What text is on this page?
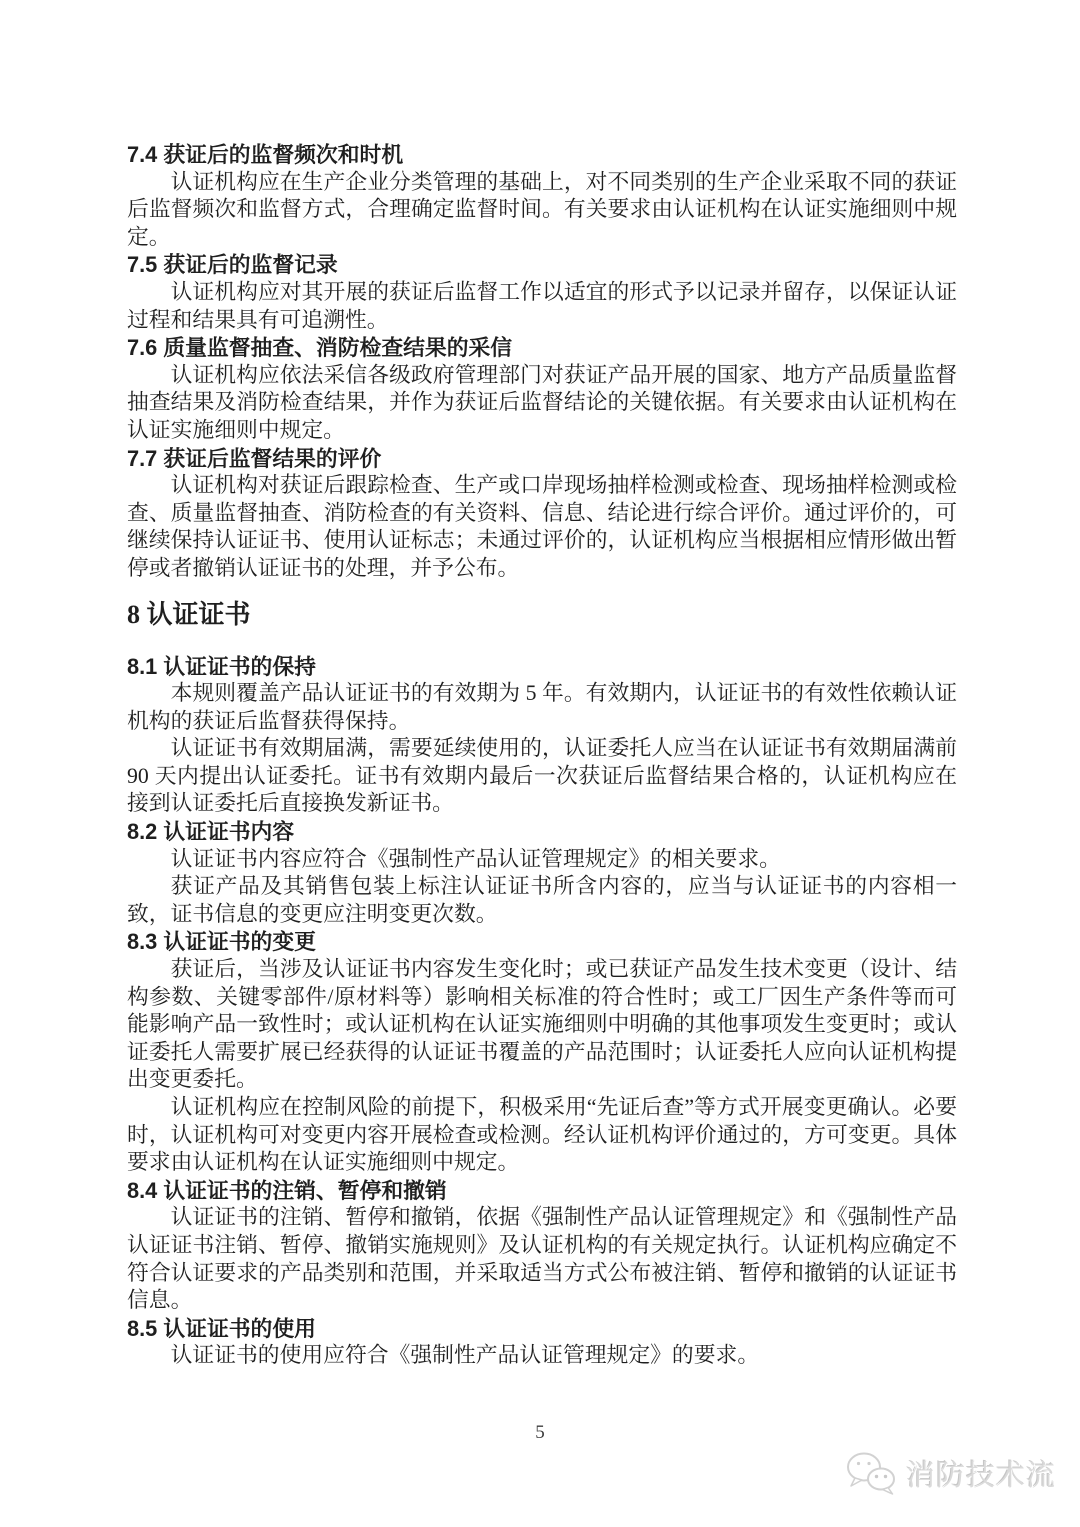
7.4 获证后的监督频次和时机
认证机构应在生产企业分类管理的基础上，对不同类别的生产企业采取不同的获证后监督频次和监督方式，合理确定监督时间。有关要求由认证机构在认证实施细则中规定。
7.5 获证后的监督记录
认证机构应对其开展的获证后监督工作以适宜的形式予以记录并留存，以保证认证过程和结果具有可追溯性。
7.6 质量监督抽查、消防检查结果的采信
认证机构应依法采信各级政府管理部门对获证产品开展的国家、地方产品质量监督抽查结果及消防检查结果，并作为获证后监督结论的关键依据。有关要求由认证机构在认证实施细则中规定。
7.7 获证后监督结果的评价
认证机构对获证后跟踪检查、生产或口岸现场抽样检测或检查、现场抽样检测或检查、质量监督抽查、消防检查的有关资料、信息、结论进行综合评价。通过评价的，可继续保持认证证书、使用认证标志；未通过评价的，认证机构应当根据相应情形做出暂停或者撤销认证证书的处理，并予公布。
8 认证证书
8.1 认证证书的保持
本规则覆盖产品认证证书的有效期为 5 年。有效期内，认证证书的有效性依赖认证机构的获证后监督获得保持。
认证证书有效期届满，需要延续使用的，认证委托人应当在认证证书有效期届满前90 天内提出认证委托。证书有效期内最后一次获证后监督结果合格的，认证机构应在接到认证委托后直接换发新证书。
8.2 认证证书内容
认证证书内容应符合《强制性产品认证管理规定》的相关要求。
获证产品及其销售包装上标注认证证书所含内容的，应当与认证证书的内容相一致，证书信息的变更应注明变更次数。
8.3 认证证书的变更
获证后，当涉及认证证书内容发生变化时；或已获证产品发生技术变更（设计、结构参数、关键零部件/原材料等）影响相关标准的符合性时；或工厂因生产条件等而可能影响产品一致性时；或认证机构在认证实施细则中明确的其他事项发生变更时；或认证委托人需要扩展已经获得的认证证书覆盖的产品范围时；认证委托人应向认证机构提出变更委托。
认证机构应在控制风险的前提下，积极采用“先证后查”等方式开展变更确认。必要时，认证机构可对变更内容开展检查或检测。经认证机构评价通过的，方可变更。具体要求由认证机构在认证实施细则中规定。
8.4 认证证书的注销、暂停和撤销
认证证书的注销、暂停和撤销，依据《强制性产品认证管理规定》和《强制性产品认证证书注销、暂停、撤销实施规则》及认证机构的有关规定执行。认证机构应确定不符合认证要求的产品类别和范围，并采取适当方式公布被注销、暂停和撤销的认证证书信息。
8.5 认证证书的使用
认证证书的使用应符合《强制性产品认证管理规定》的要求。
5
消防技术流
